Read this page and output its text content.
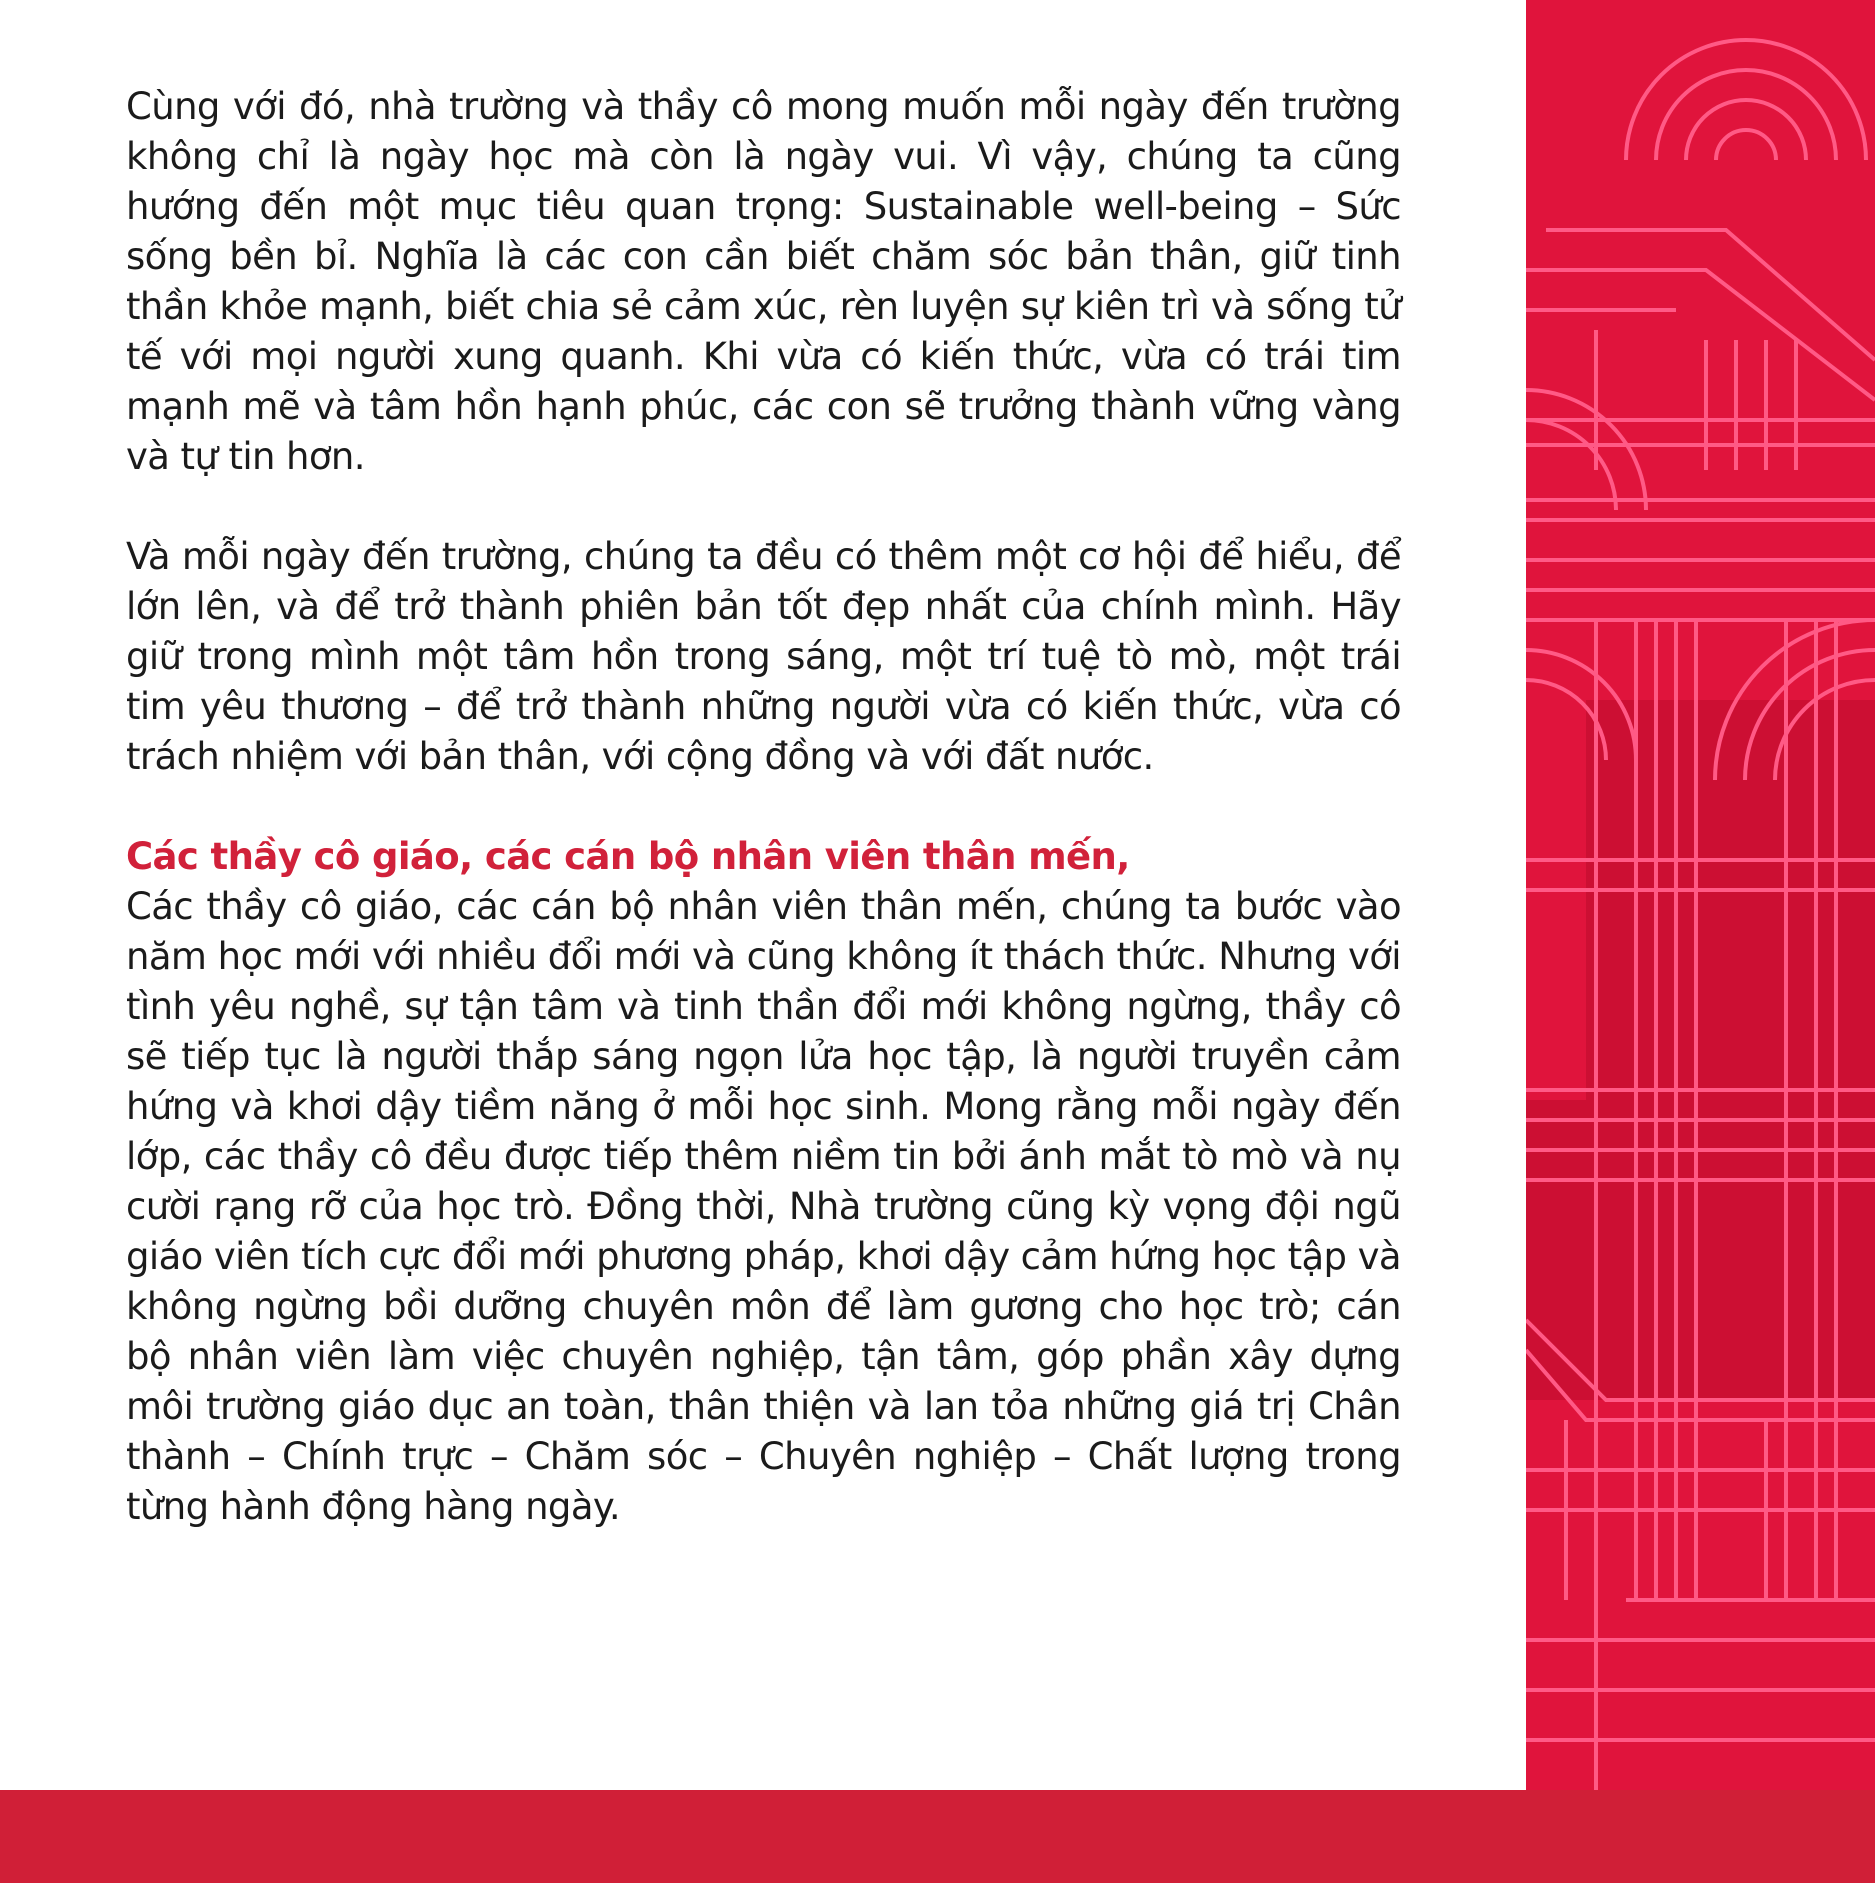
Cùng với đó, nhà trường và thầy cô mong muốn mỗi ngày đến trường không chỉ là ngày học mà còn là ngày vui. Vì vậy, chúng ta cũng hướng đến một mục tiêu quan trọng: Sustainable well-being – Sức sống bền bỉ. Nghĩa là các con cần biết chăm sóc bản thân, giữ tinh thần khỏe mạnh, biết chia sẻ cảm xúc, rèn luyện sự kiên trì và sống tử tế với mọi người xung quanh. Khi vừa có kiến thức, vừa có trái tim mạnh mẽ và tâm hồn hạnh phúc, các con sẽ trưởng thành vững vàng và tự tin hơn.

Và mỗi ngày đến trường, chúng ta đều có thêm một cơ hội để hiểu, để lớn lên, và để trở thành phiên bản tốt đẹp nhất của chính mình. Hãy giữ trong mình một tâm hồn trong sáng, một trí tuệ tò mò, một trái tim yêu thương – để trở thành những người vừa có kiến thức, vừa có trách nhiệm với bản thân, với cộng đồng và với đất nước.

Các thầy cô giáo, các cán bộ nhân viên thân mến,

Các thầy cô giáo, các cán bộ nhân viên thân mến, chúng ta bước vào năm học mới với nhiều đổi mới và cũng không ít thách thức. Nhưng với tình yêu nghề, sự tận tâm và tinh thần đổi mới không ngừng, thầy cô sẽ tiếp tục là người thắp sáng ngọn lửa học tập, là người truyền cảm hứng và khơi dậy tiềm năng ở mỗi học sinh. Mong rằng mỗi ngày đến lớp, các thầy cô đều được tiếp thêm niềm tin bởi ánh mắt tò mò và nụ cười rạng rỡ của học trò. Đồng thời, Nhà trường cũng kỳ vọng đội ngũ giáo viên tích cực đổi mới phương pháp, khơi dậy cảm hứng học tập và không ngừng bồi dưỡng chuyên môn để làm gương cho học trò; cán bộ nhân viên làm việc chuyên nghiệp, tận tâm, góp phần xây dựng môi trường giáo dục an toàn, thân thiện và lan tỏa những giá trị Chân thành – Chính trực – Chăm sóc – Chuyên nghiệp – Chất lượng trong từng hành động hàng ngày.
